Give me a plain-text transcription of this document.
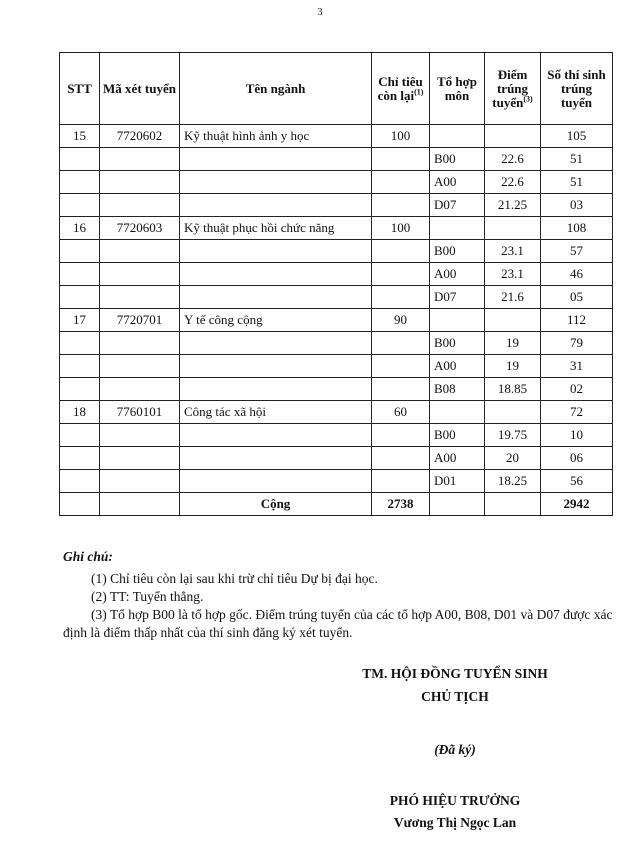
3
STT	Mã xét tuyển	Tên ngành	Chỉ tiêu còn lại$^{(1)}$	Tổ hợp môn	Điểm trúng tuyển$^{(3)}$	Số thí sinh trúng tuyển
15	7720602	Kỹ thuật hình ảnh y học	100			105
				B00	22.6	51
				A00	22.6	51
				D07	21.25	03
16	7720603	Kỹ thuật phục hồi chức năng	100			108
				B00	23.1	57
				A00	23.1	46
				D07	21.6	05
17	7720701	Y tế công cộng	90			112
				B00	19	79
				A00	19	31
				B08	18.85	02
18	7760101	Công tác xã hội	60			72
				B00	19.75	10
				A00	20	06
				D01	18.25	56
		Cộng	2738			2942
Ghi chú:

(1) Chỉ tiêu còn lại sau khi trừ chỉ tiêu Dự bị đại học.

(2) TT: Tuyển thẳng.

(3) Tổ hợp B00 là tổ hợp gốc. Điểm trúng tuyển của các tổ hợp A00, B08, D01 và D07 được xác định là điểm thấp nhất của thí sinh đăng ký xét tuyển.

TM. HỘI ĐỒNG TUYỂN SINH
CHỦ TỊCH
(Đã ký)
PHÓ HIỆU TRƯỞNG
Vương Thị Ngọc Lan
